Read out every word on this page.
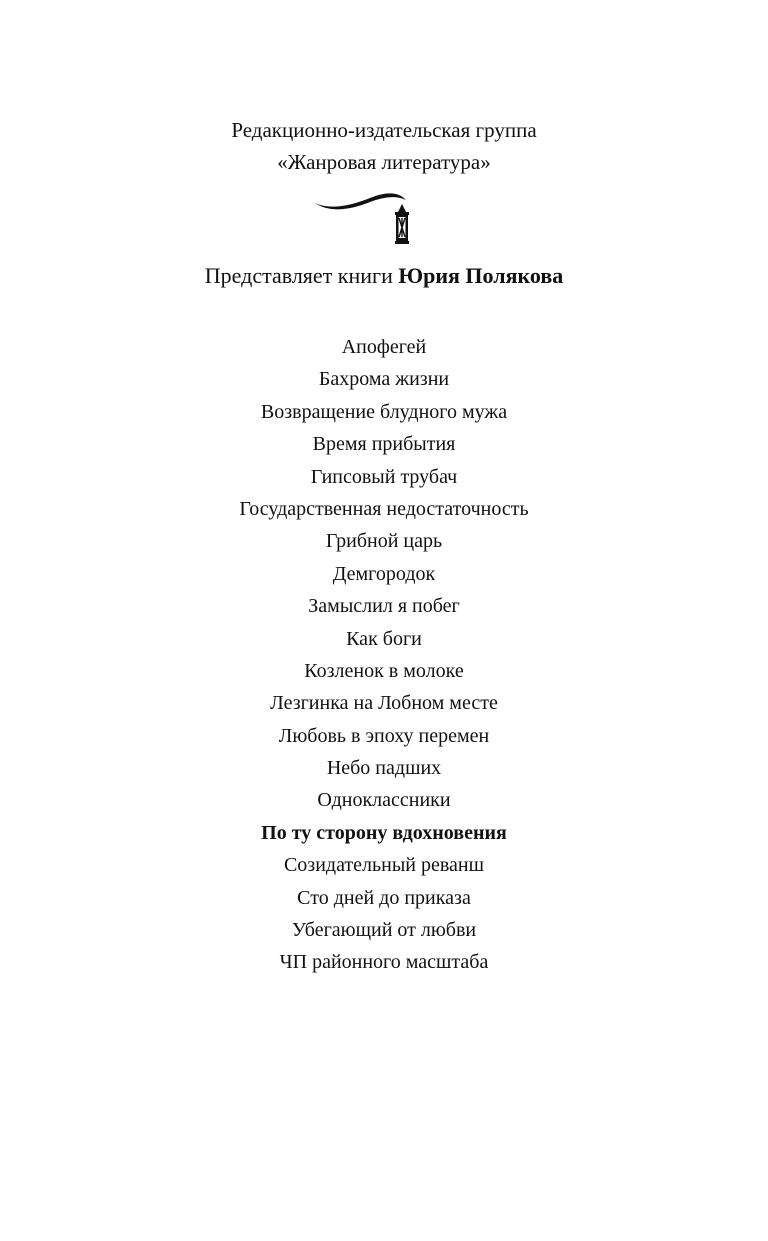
Редакционно-издательская группа
«Жанровая литература»
Представляет книги Юрия Полякова
Апофегей
Бахрома жизни
Возвращение блудного мужа
Время прибытия
Гипсовый трубач
Государственная недостаточность
Грибной царь
Демгородок
Замыслил я побег
Как боги
Козленок в молоке
Лезгинка на Лобном месте
Любовь в эпоху перемен
Небо падших
Одноклассники
По ту сторону вдохновения
Созидательный реванш
Сто дней до приказа
Убегающий от любви
ЧП районного масштаба
